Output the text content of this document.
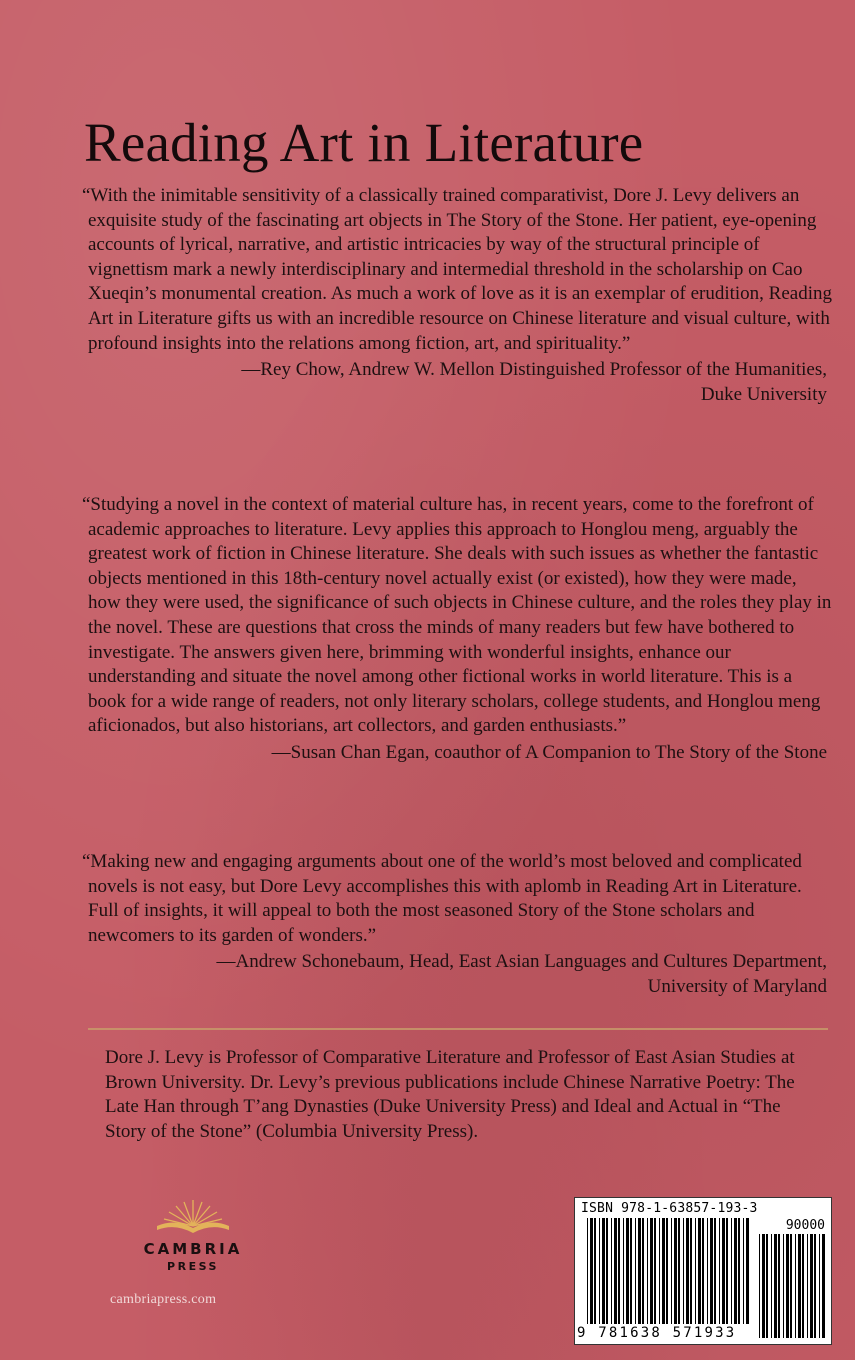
Reading Art in Literature

“With the inimitable sensitivity of a classically trained comparativist, Dore J. Levy delivers an exquisite study of the fascinating art objects in The Story of the Stone. Her patient, eye-opening accounts of lyrical, narrative, and artistic intricacies by way of the structural principle of vignettism mark a newly interdisciplinary and intermedial threshold in the scholarship on Cao Xueqin’s monumental creation. As much a work of love as it is an exemplar of erudition, Reading Art in Literature gifts us with an incredible resource on Chinese literature and visual culture, with profound insights into the relations among fiction, art, and spirituality.”

—Rey Chow, Andrew W. Mellon Distinguished Professor of the Humanities,
Duke University

“Studying a novel in the context of material culture has, in recent years, come to the forefront of academic approaches to literature. Levy applies this approach to Honglou meng, arguably the greatest work of fiction in Chinese literature. She deals with such issues as whether the fantastic objects mentioned in this 18th-century novel actually exist (or existed), how they were made, how they were used, the significance of such objects in Chinese culture, and the roles they play in the novel. These are questions that cross the minds of many readers but few have bothered to investigate. The answers given here, brimming with wonderful insights, enhance our understanding and situate the novel among other fictional works in world literature. This is a book for a wide range of readers, not only literary scholars, college students, and Honglou meng aficionados, but also historians, art collectors, and garden enthusiasts.”

—Susan Chan Egan, coauthor of A Companion to The Story of the Stone

“Making new and engaging arguments about one of the world’s most beloved and complicated novels is not easy, but Dore Levy accomplishes this with aplomb in Reading Art in Literature. Full of insights, it will appeal to both the most seasoned Story of the Stone scholars and newcomers to its garden of wonders.”

—Andrew Schonebaum, Head, East Asian Languages and Cultures Department,
University of Maryland

Dore J. Levy is Professor of Comparative Literature and Professor of East Asian Studies at Brown University. Dr. Levy’s previous publications include Chinese Narrative Poetry: The Late Han through T’ang Dynasties (Duke University Press) and Ideal and Actual in “The Story of the Stone” (Columbia University Press).

CAMBRIA
PRESS
cambriapress.com
ISBN 978-1-63857-193-3
90000
9 781638 571933
